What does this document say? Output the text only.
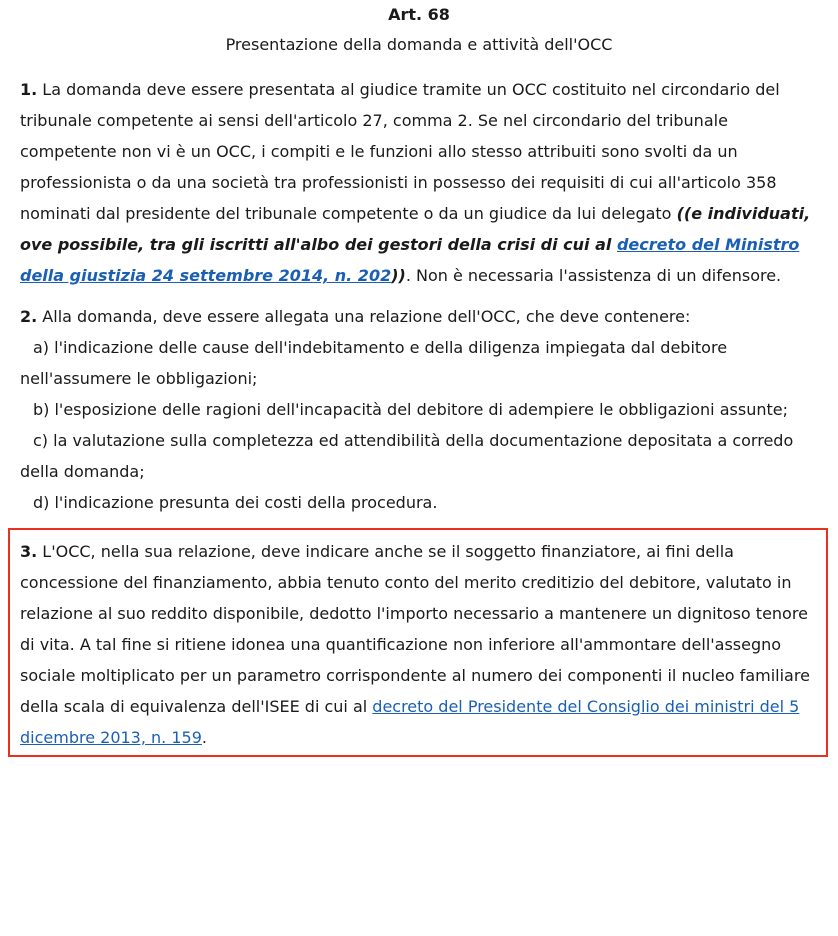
Art. 68
Presentazione della domanda e attività dell'OCC

1. La domanda deve essere presentata al giudice tramite un OCC costituito nel circondario del tribunale competente ai sensi dell'articolo 27, comma 2. Se nel circondario del tribunale competente non vi è un OCC, i compiti e le funzioni allo stesso attribuiti sono svolti da un professionista o da una società tra professionisti in possesso dei requisiti di cui all'articolo 358 nominati dal presidente del tribunale competente o da un giudice da lui delegato ((e individuati, ove possibile, tra gli iscritti all'albo dei gestori della crisi di cui al decreto del Ministro della giustizia 24 settembre 2014, n. 202)). Non è necessaria l'assistenza di un difensore.

2. Alla domanda, deve essere allegata una relazione dell'OCC, che deve contenere:

a) l'indicazione delle cause dell'indebitamento e della diligenza impiegata dal debitore nell'assumere le obbligazioni;

b) l'esposizione delle ragioni dell'incapacità del debitore di adempiere le obbligazioni assunte;

c) la valutazione sulla completezza ed attendibilità della documentazione depositata a corredo della domanda;

d) l'indicazione presunta dei costi della procedura.

3. L'OCC, nella sua relazione, deve indicare anche se il soggetto finanziatore, ai fini della concessione del finanziamento, abbia tenuto conto del merito creditizio del debitore, valutato in relazione al suo reddito disponibile, dedotto l'importo necessario a mantenere un dignitoso tenore di vita. A tal fine si ritiene idonea una quantificazione non inferiore all'ammontare dell'assegno sociale moltiplicato per un parametro corrispondente al numero dei componenti il nucleo familiare della scala di equivalenza dell'ISEE di cui al decreto del Presidente del Consiglio dei ministri del 5 dicembre 2013, n. 159.
